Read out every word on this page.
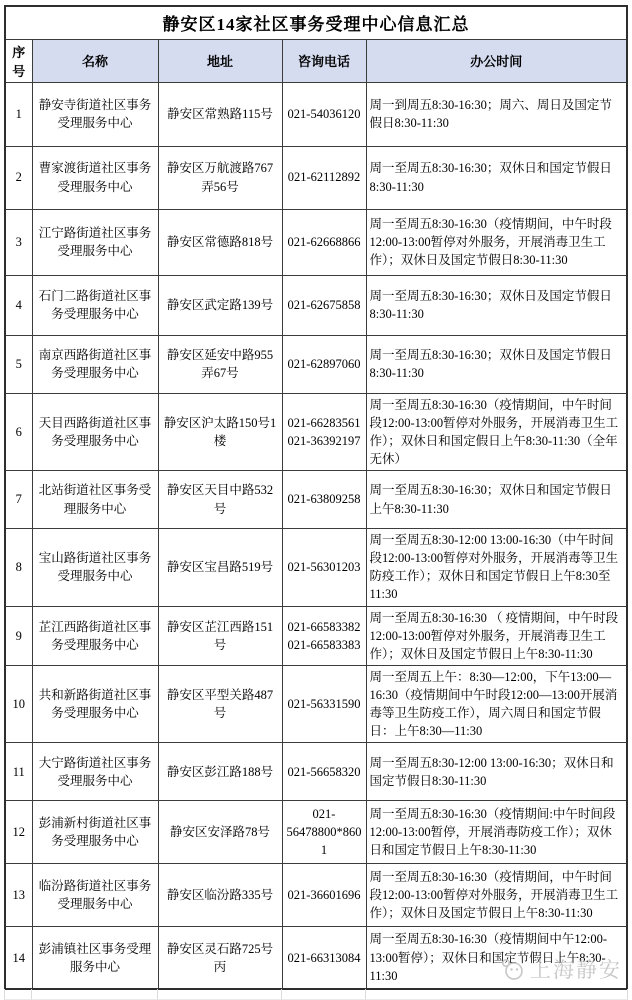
静安区14家社区事务受理中心信息汇总				
序号	名称	地址	咨询电话	办公时间
1	静安寺街道社区事务受理服务中心	静安区常熟路115号	021-54036120	周一到周五8:30-16:30；周六、周日及国定节假日8:30-11:30
2	曹家渡街道社区事务受理服务中心	静安区万航渡路767弄56号	021-62112892	周一至周五8:30-16:30；双休日和国定节假日8:30-11:30
3	江宁路街道社区事务受理服务中心	静安区常德路818号	021-62668866	周一至周五8:30-16:30（疫情期间，中午时段12:00-13:00暂停对外服务，开展消毒卫生工作）；双休日及国定节假日8:30-11:30
4	石门二路街道社区事务受理服务中心	静安区武定路139号	021-62675858	周一至周五8:30-16:30；双休日及国定节假日8:30-11:30
5	南京西路街道社区事务受理服务中心	静安区延安中路955弄67号	021-62897060	周一至周五8:30-16:30；双休日及国定节假日8:30-11:30
6	天目西路街道社区事务受理服务中心	静安区沪太路150号1楼	021-66283561
021-36392197	周一至周五8:30-16:30（疫情期间，中午时间段12:00-13:00暂停对外服务，开展消毒卫生工作）；双休日和国定假日上午8:30-11:30（全年无休）
7	北站街道社区事务受理服务中心	静安区天目中路532号	021-63809258	周一至周五8:30-16:30；双休日和国定节假日上午8:30-11:30
8	宝山路街道社区事务受理服务中心	静安区宝昌路519号	021-56301203	周一至周五8:30-12:00 13:00-16:30（中午时间段12:00-13:00暂停对外服务，开展消毒等卫生防疫工作）；双休日和国定节假日上午8:30至11:30
9	芷江西路街道社区事务受理服务中心	静安区芷江西路151号	021-66583382
021-66583383	周一至周五8:30-16:30 （ 疫情期间，中午时段12:00-13:00暂停对外服务，开展消毒卫生工作）；双休日及国定节假日上午8:30-11:30
10	共和新路街道社区事务受理服务中心	静安区平型关路487号	021-56331590	周一至周五上午：8:30—12:00，下午13:00—16:30（疫情期间中午时段12:00—13:00开展消毒等卫生防疫工作），周六周日和国定节假日：上午8:30—11:30
11	大宁路街道社区事务受理服务中心	静安区彭江路188号	021-56658320	周一至周五8:30-12:00 13:00-16:30；双休日和国定节假日8:30-11:30
12	彭浦新村街道社区事务受理服务中心	静安区安泽路78号	021-56478800*8601	周一至周五8:30-16:30（疫情期间:中午时间段12:00-13:00暂停，开展消毒防疫工作）；双休日和国定节假日上午8:30-11:30
13	临汾路街道社区事务受理服务中心	静安区临汾路335号	021-36601696	周一至周五8:30-16:30（疫情期间，中午时间段12:00-13:00暂停对外服务，开展消毒卫生工作）；双休日及国定节假日上午8:30-11:30
14	彭浦镇社区事务受理服务中心	静安区灵石路725号丙	021-66313084	周一至周五8:30-16:30（疫情期间中午12:00-13:00暂停）；双休日和国定节假日上午8:30-11:30	上海静安
